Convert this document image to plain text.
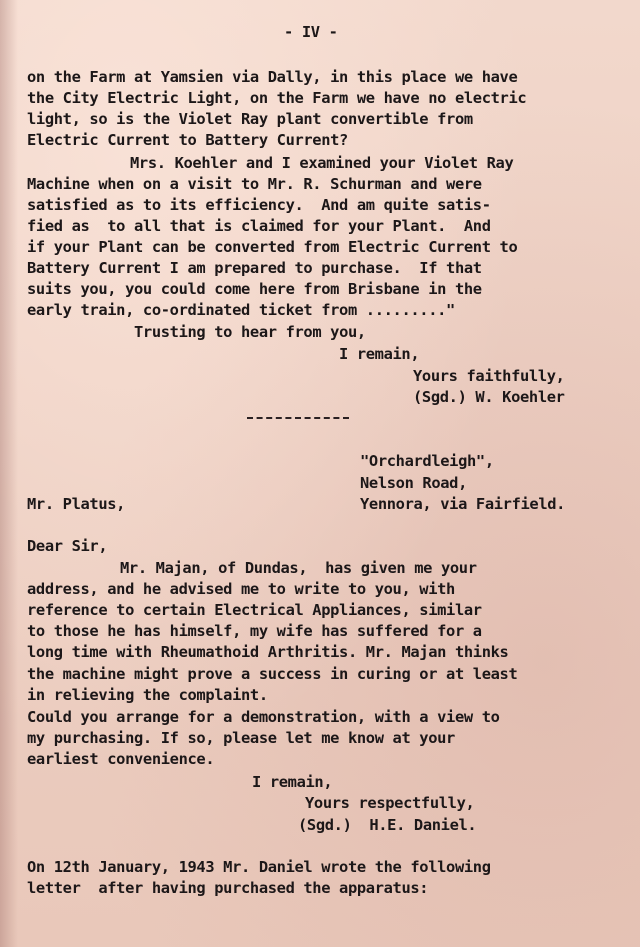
- IV -
on the Farm at Yamsien via Dally, in this place we have
the City Electric Light, on the Farm we have no electric
light, so is the Violet Ray plant convertible from
Electric Current to Battery Current?
Mrs. Koehler and I examined your Violet Ray
Machine when on a visit to Mr. R. Schurman and were
satisfied as to its efficiency.  And am quite satis-
fied as  to all that is claimed for your Plant.  And
if your Plant can be converted from Electric Current to
Battery Current I am prepared to purchase.  If that
suits you, you could come here from Brisbane in the
early train, co-ordinated ticket from ........."
Trusting to hear from you,
I remain,
Yours faithfully,
(Sgd.) W. Koehler
"Orchardleigh",
Nelson Road,
Yennora, via Fairfield.
Mr. Platus,
Dear Sir,
Mr. Majan, of Dundas,  has given me your
address, and he advised me to write to you, with
reference to certain Electrical Appliances, similar
to those he has himself, my wife has suffered for a
long time with Rheumathoid Arthritis. Mr. Majan thinks
the machine might prove a success in curing or at least
in relieving the complaint.
Could you arrange for a demonstration, with a view to
my purchasing. If so, please let me know at your
earliest convenience.
I remain,
Yours respectfully,
(Sgd.)  H.E. Daniel.
On 12th January, 1943 Mr. Daniel wrote the following
letter  after having purchased the apparatus:
